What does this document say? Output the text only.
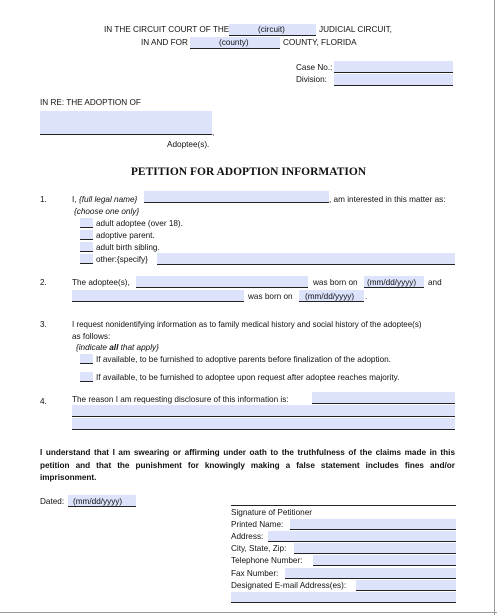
IN THE CIRCUIT COURT OF THE	(circuit)	JUDICIAL CIRCUIT,
IN AND FOR	(county)	COUNTY, FLORIDA
Case No.:
Division:
IN RE: THE ADOPTION OF
,
Adoptee(s).
PETITION FOR ADOPTION INFORMATION
1.	I, {full legal name}	, am interested in this matter as:
{choose one only}
adult adoptee (over 18).
adoptive parent.
adult birth sibling.
other:{specify}
2.	The adoptee(s),	was born on (mm/dd/yyyy) and
was born on (mm/dd/yyyy) .
3.	I request nonidentifying information as to family medical history and social history of the adoptee(s)
as follows:
{indicate all that apply}
If available, to be furnished to adoptive parents before finalization of the adoption.
If available, to be furnished to adoptee upon request after adoptee reaches majority.
4.	The reason I am requesting disclosure of this information is:
I understand that I am swearing or affirming under oath to the truthfulness of the claims made in this
petition and that the punishment for knowingly making a false statement includes fines and/or
imprisonment.
Dated: (mm/dd/yyyy)
Signature of Petitioner
Printed Name:
Address:
City, State, Zip:
Telephone Number:
Fax Number:
Designated E-mail Address(es):
